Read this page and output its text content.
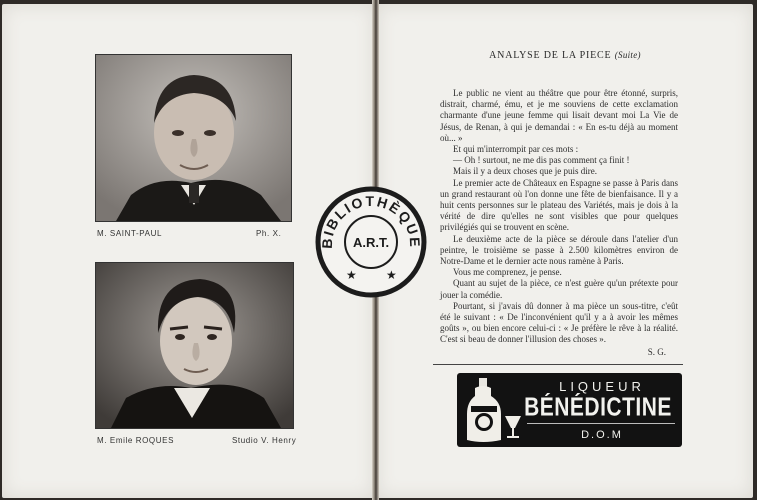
M. SAINT-PAUL	Ph. X.
M. Emile ROQUES	Studio V. Henry
ANALYSE DE LA PIECE (Suite)

Le public ne vient au théâtre que pour être étonné, surpris, distrait, charmé, ému, et je me souviens de cette exclamation charmante d'une jeune femme qui lisait devant moi La Vie de Jésus, de Renan, à qui je demandai : « En es-tu déjà au moment où... »

Et qui m'interrompit par ces mots :

— Oh ! surtout, ne me dis pas comment ça finit !

Mais il y a deux choses que je puis dire.

Le premier acte de Châteaux en Espagne se passe à Paris dans un grand restaurant où l'on donne une fête de bienfaisance. Il y a huit cents personnes sur le plateau des Variétés, mais je dois à la vérité de dire qu'elles ne sont visibles que pour quelques privilégiés qui se trouvent en scène.

Le deuxième acte de la pièce se déroule dans l'atelier d'un peintre, le troisième se passe à 2.500 kilomètres environ de Notre-Dame et le dernier acte nous ramène à Paris.

Vous me comprenez, je pense.

Quant au sujet de la pièce, ce n'est guère qu'un prétexte pour jouer la comédie.

Pourtant, si j'avais dû donner à ma pièce un sous-titre, c'eût été le suivant : « De l'inconvénient qu'il y a à avoir les mêmes goûts », ou bien encore celui-ci : « Je préfère le rêve à la réalité. C'est si beau de donner l'illusion des choses ».

S. G.

LIQUEUR
BÉNÉDICTINE
D.O.M
BIBLIOTHÈQUE
A.R.T.
★ ★
